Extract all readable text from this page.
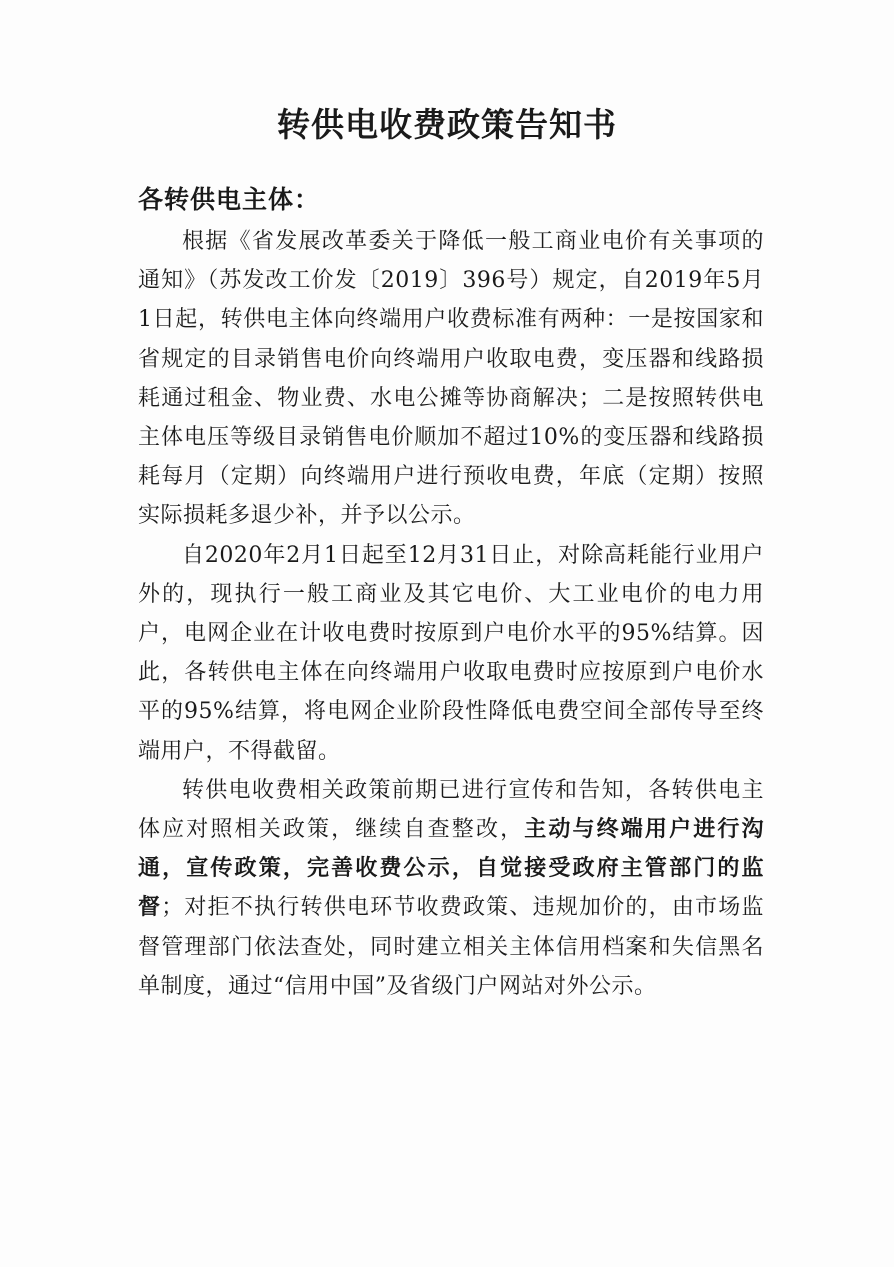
转供电收费政策告知书
各转供电主体：

根据《省发展改革委关于降低一般工商业电价有关事项的通知》（苏发改工价发〔2019〕396号）规定，自2019年5月1日起，转供电主体向终端用户收费标准有两种：一是按国家和省规定的目录销售电价向终端用户收取电费，变压器和线路损耗通过租金、物业费、水电公摊等协商解决；二是按照转供电主体电压等级目录销售电价顺加不超过10%的变压器和线路损耗每月（定期）向终端用户进行预收电费，年底（定期）按照实际损耗多退少补，并予以公示。

自2020年2月1日起至12月31日止，对除高耗能行业用户外的，现执行一般工商业及其它电价、大工业电价的电力用户，电网企业在计收电费时按原到户电价水平的95%结算。因此，各转供电主体在向终端用户收取电费时应按原到户电价水平的95%结算，将电网企业阶段性降低电费空间全部传导至终端用户，不得截留。

转供电收费相关政策前期已进行宣传和告知，各转供电主体应对照相关政策，继续自查整改，主动与终端用户进行沟通，宣传政策，完善收费公示，自觉接受政府主管部门的监督；对拒不执行转供电环节收费政策、违规加价的，由市场监督管理部门依法查处，同时建立相关主体信用档案和失信黑名单制度，通过“信用中国”及省级门户网站对外公示。
